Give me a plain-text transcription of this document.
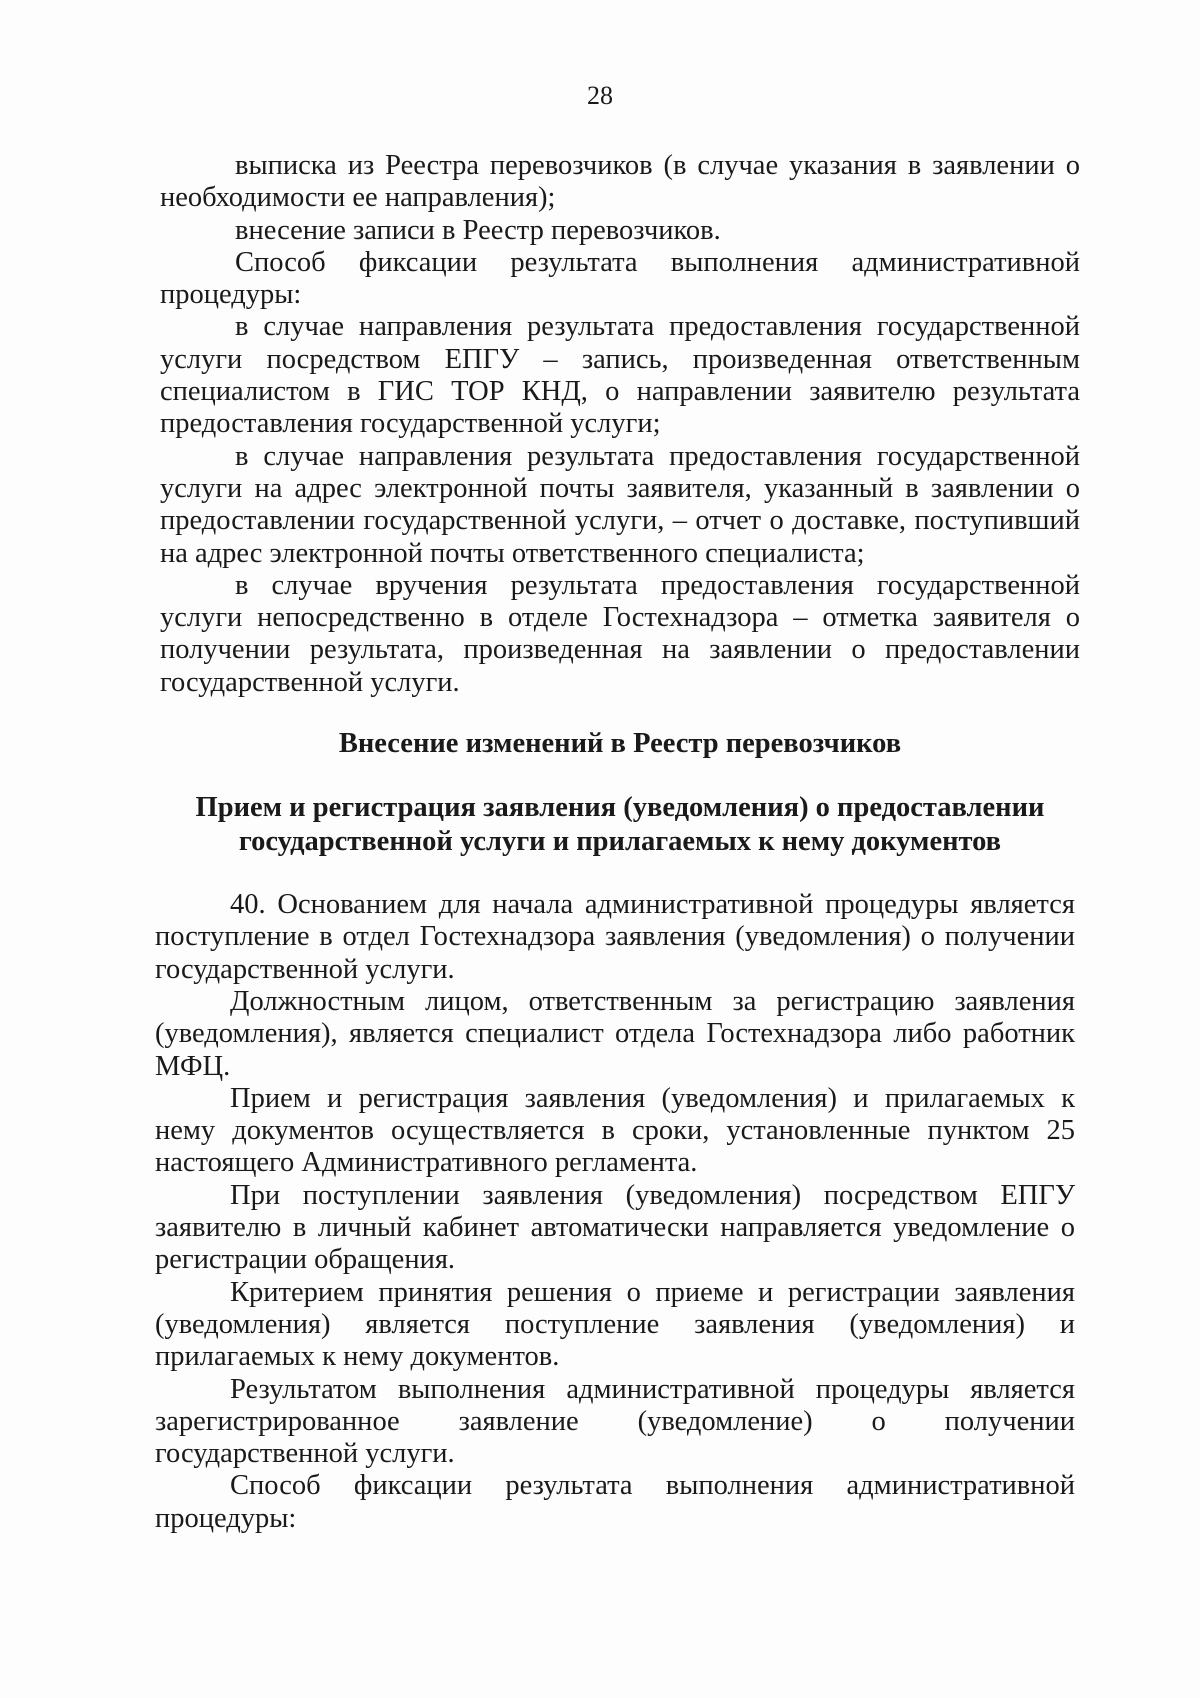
28

выписка из Реестра перевозчиков (в случае указания в заявлении о необходимости ее направления);

внесение записи в Реестр перевозчиков.

Способ фиксации результата выполнения административной процедуры:

в случае направления результата предоставления государственной услуги посредством ЕПГУ – запись, произведенная ответственным специалистом в ГИС ТОР КНД, о направлении заявителю результата предоставления государственной услуги;

в случае направления результата предоставления государственной услуги на адрес электронной почты заявителя, указанный в заявлении о предоставлении государственной услуги, – отчет о доставке, поступивший на адрес электронной почты ответственного специалиста;

в случае вручения результата предоставления государственной услуги непосредственно в отделе Гостехнадзора – отметка заявителя о получении результата, произведенная на заявлении о предоставлении государственной услуги.

Внесение изменений в Реестр перевозчиков

Прием и регистрация заявления (уведомления) о предоставлении государственной услуги и прилагаемых к нему документов

40. Основанием для начала административной процедуры является поступление в отдел Гостехнадзора заявления (уведомления) о получении государственной услуги.

Должностным лицом, ответственным за регистрацию заявления (уведомления), является специалист отдела Гостехнадзора либо работник МФЦ.

Прием и регистрация заявления (уведомления) и прилагаемых к нему документов осуществляется в сроки, установленные пунктом 25 настоящего Административного регламента.

При поступлении заявления (уведомления) посредством ЕПГУ заявителю в личный кабинет автоматически направляется уведомление о регистрации обращения.

Критерием принятия решения о приеме и регистрации заявления (уведомления) является поступление заявления (уведомления) и прилагаемых к нему документов.

Результатом выполнения административной процедуры является зарегистрированное заявление (уведомление) о получении государственной услуги.

Способ фиксации результата выполнения административной процедуры:
